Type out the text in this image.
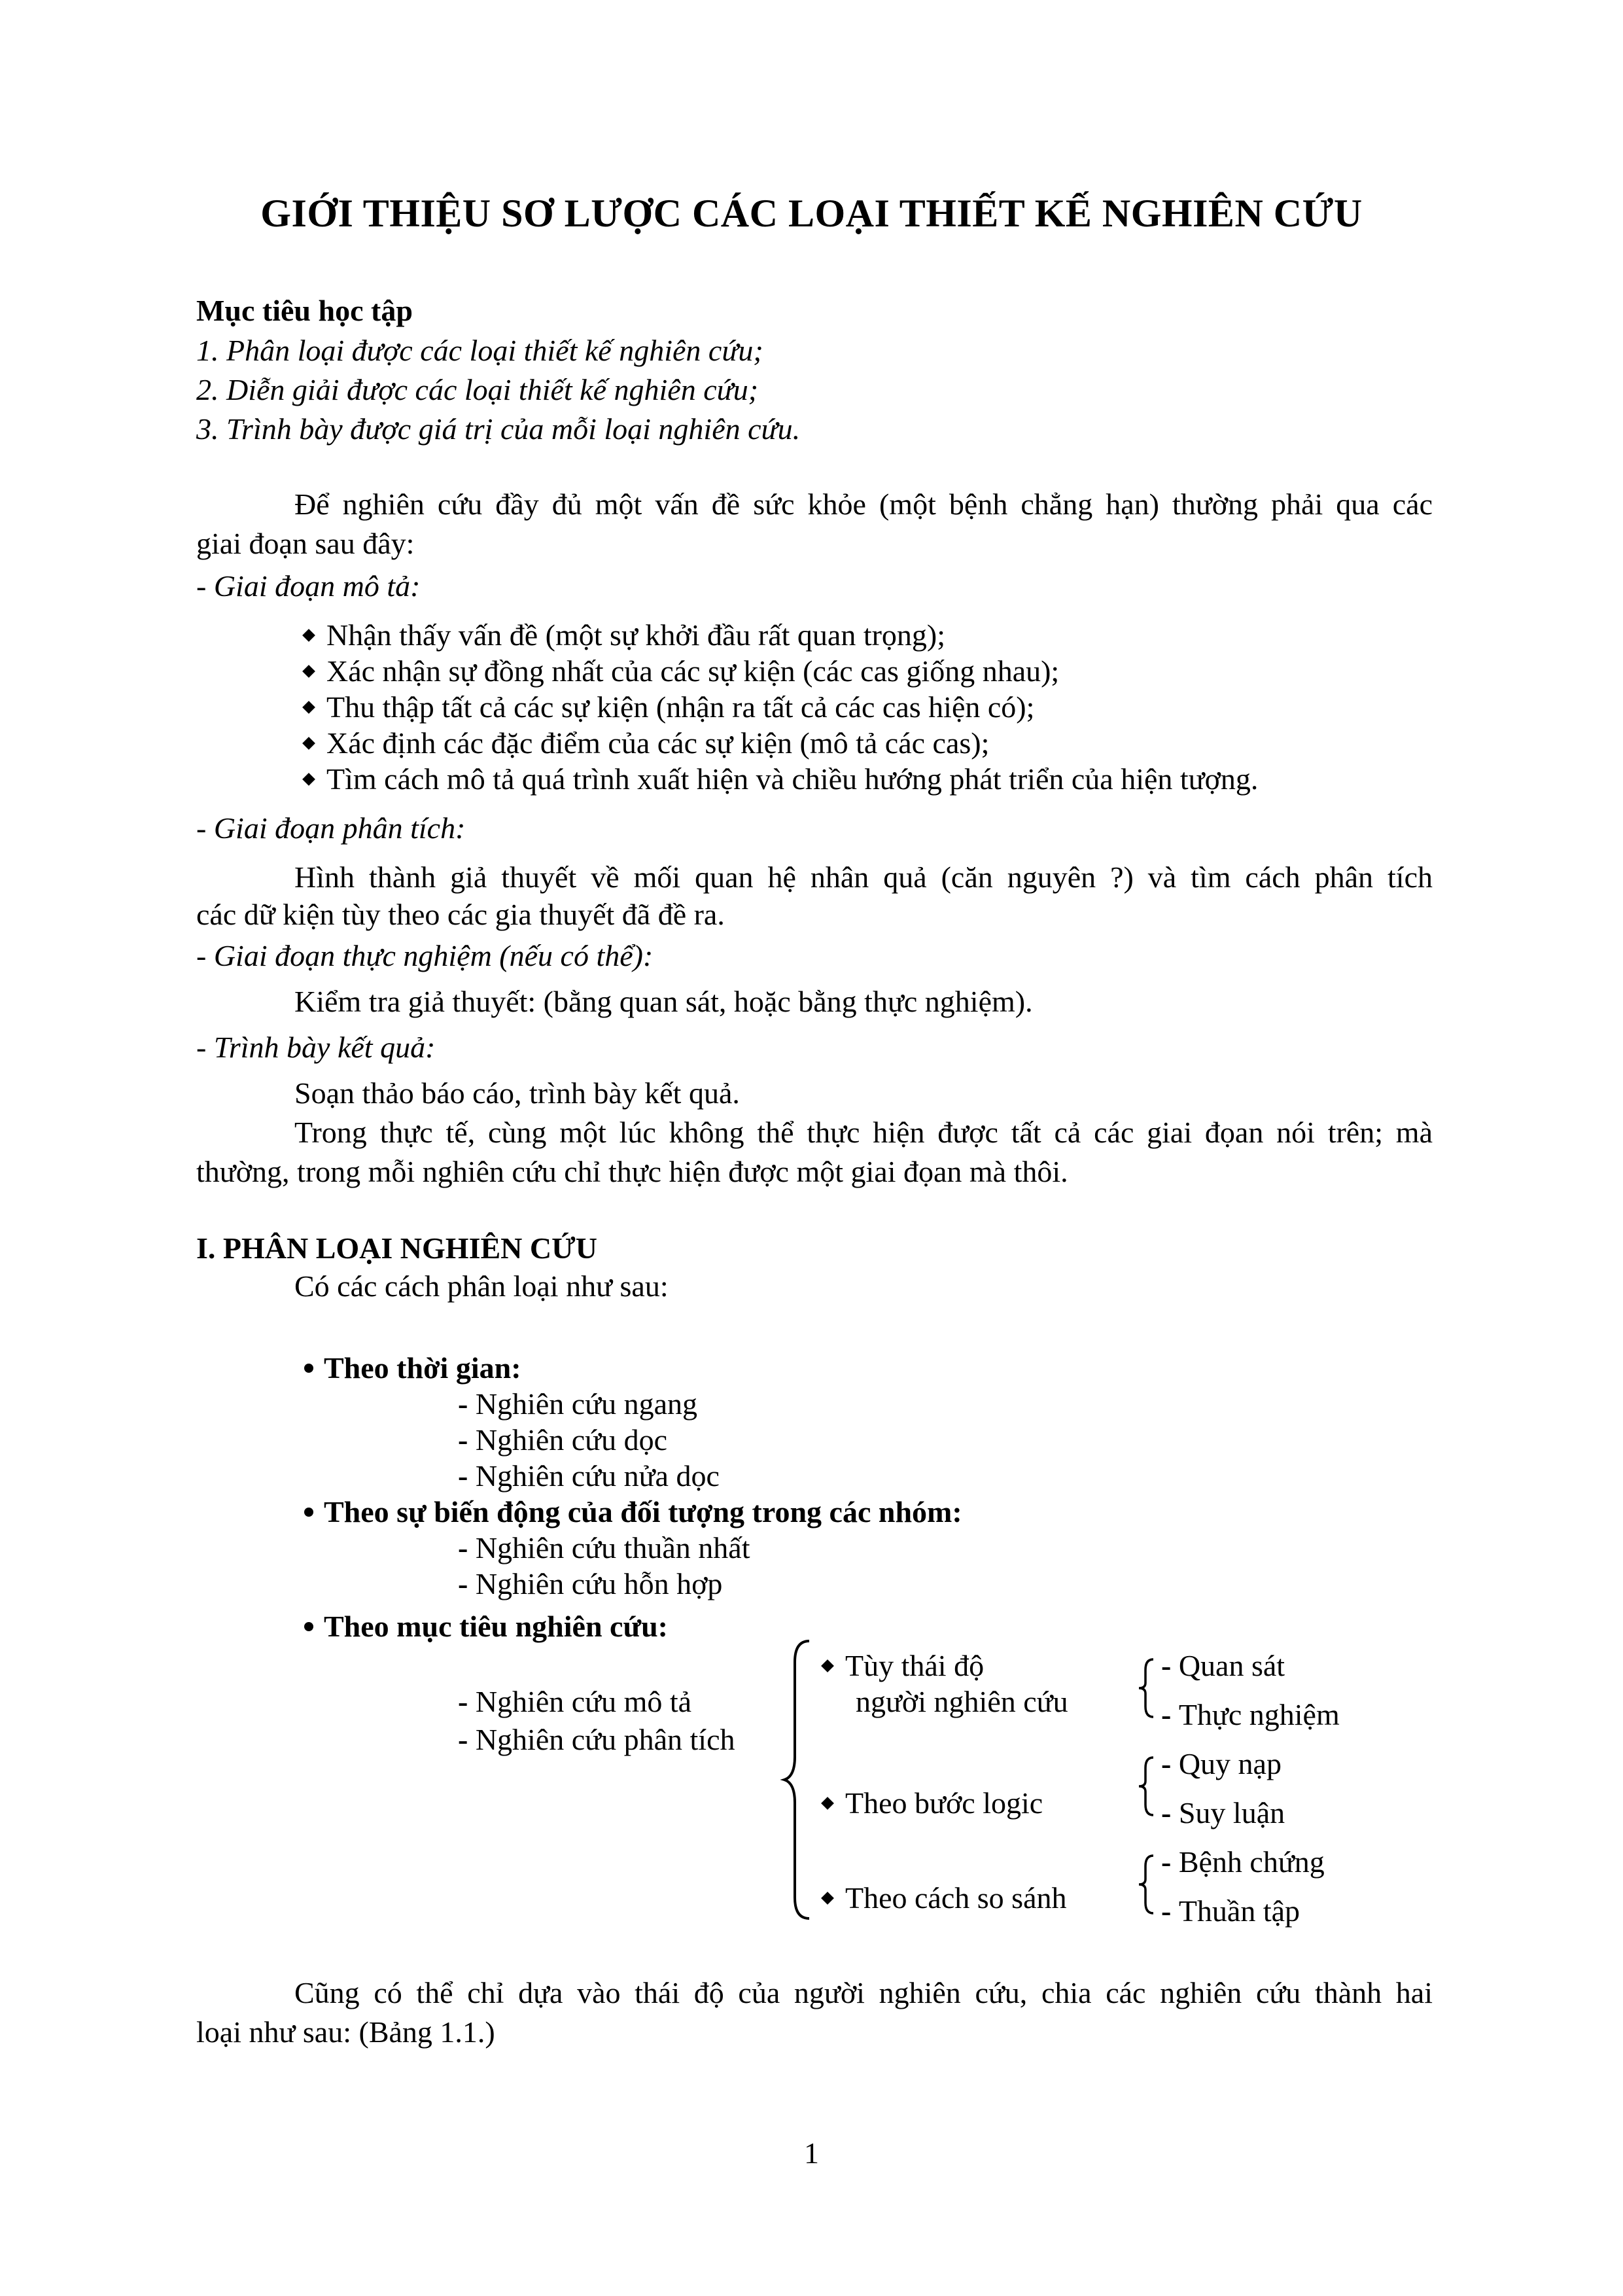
GIỚI THIỆU SƠ LƯỢC CÁC LOẠI THIẾT KẾ NGHIÊN CỨU
Mục tiêu học tập
1. Phân loại được các loại thiết kế nghiên cứu;
2. Diễn giải được các loại thiết kế nghiên cứu;
3. Trình bày được giá trị của mỗi loại nghiên cứu.
Để nghiên cứu đầy đủ một vấn đề sức khỏe (một bệnh chẳng hạn) thường phải qua các
giai đoạn sau đây:
- Giai đoạn mô tả:
Nhận thấy vấn đề (một sự khởi đầu rất quan trọng);
Xác nhận sự đồng nhất của các sự kiện (các cas giống nhau);
Thu thập tất cả các sự kiện (nhận ra tất cả các cas hiện có);
Xác định các đặc điểm của các sự kiện (mô tả các cas);
Tìm cách mô tả quá trình xuất hiện và chiều hướng phát triển của hiện tượng.
- Giai đoạn phân tích:
Hình thành giả thuyết về mối quan hệ nhân quả (căn nguyên ?) và tìm cách phân tích
các dữ kiện tùy theo các gia thuyết đã đề ra.
- Giai đoạn thực nghiệm (nếu có thể):
Kiểm tra giả thuyết: (bằng quan sát, hoặc bằng thực nghiệm).
- Trình bày kết quả:
Soạn thảo báo cáo, trình bày kết quả.
Trong thực tế, cùng một lúc không thể thực hiện được tất cả các giai đọan nói trên; mà
thường, trong mỗi nghiên cứu chỉ thực hiện được một giai đọan mà thôi.
I. PHÂN LOẠI NGHIÊN CỨU
Có các cách phân loại như sau:
Theo thời gian:
- Nghiên cứu ngang
- Nghiên cứu dọc
- Nghiên cứu nửa dọc
Theo sự biến động của đối tượng trong các nhóm:
- Nghiên cứu thuần nhất
- Nghiên cứu hỗn hợp
Theo mục tiêu nghiên cứu:
- Nghiên cứu mô tả
- Nghiên cứu phân tích
Tùy thái độ
người nghiên cứu
Theo bước logic
Theo cách so sánh
- Quan sát
- Thực nghiệm
- Quy nạp
- Suy luận
- Bệnh chứng
- Thuần tập
Cũng có thể chỉ dựa vào thái độ của người nghiên cứu, chia các nghiên cứu thành hai
loại như sau: (Bảng 1.1.)
1
